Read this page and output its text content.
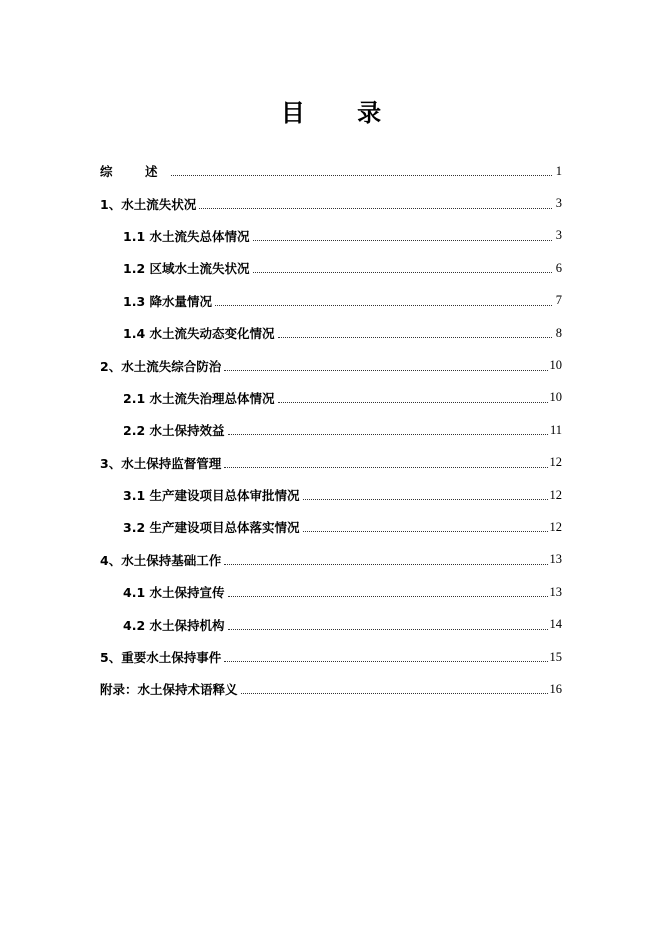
目 录
综　述	1
1、水土流失状况	3
1.1 水土流失总体情况	3
1.2 区域水土流失状况	6
1.3 降水量情况	7
1.4 水土流失动态变化情况	8
2、水土流失综合防治	10
2.1 水土流失治理总体情况	10
2.2 水土保持效益	11
3、水土保持监督管理	12
3.1 生产建设项目总体审批情况	12
3.2 生产建设项目总体落实情况	12
4、水土保持基础工作	13
4.1 水土保持宣传	13
4.2 水土保持机构	14
5、重要水土保持事件	15
附录：水土保持术语释义	16
